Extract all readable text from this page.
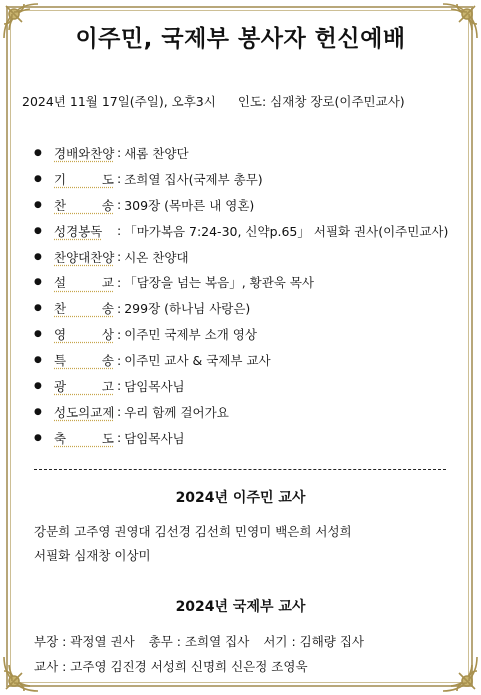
이주민, 국제부 봉사자 헌신예배
2024년 11월 17일(주일), 오후3시 인도: 심재창 장로(이주민교사)
● 경배와찬양 : 새롬 찬양단
● 기 도 : 조희열 집사(국제부 총무)
● 찬 송 : 309장 (목마른 내 영혼)
● 성경봉독	: 「마가복음 7:24-30, 신약p.65」 서필화 권사(이주민교사)
● 찬양대찬양 : 시온 찬양대
● 설 교 : 「담장을 넘는 복음」, 황관욱 목사
● 찬 송 : 299장 (하나님 사랑은)
● 영 상 : 이주민 국제부 소개 영상
● 특 송 : 이주민 교사 & 국제부 교사
● 광 고 : 담임목사님
● 성도의교제 : 우리 함께 걸어가요
● 축 도 : 담임목사님
2024년 이주민 교사
강문희 고주영 권영대 김선경 김선희 민영미 백은희 서성희
서필화 심재창 이상미
2024년 국제부 교사
부장 : 곽정열 권사 총무 : 조희열 집사 서기 : 김해량 집사
교사 : 고주영 김진경 서성희 신명희 신은정 조영욱
